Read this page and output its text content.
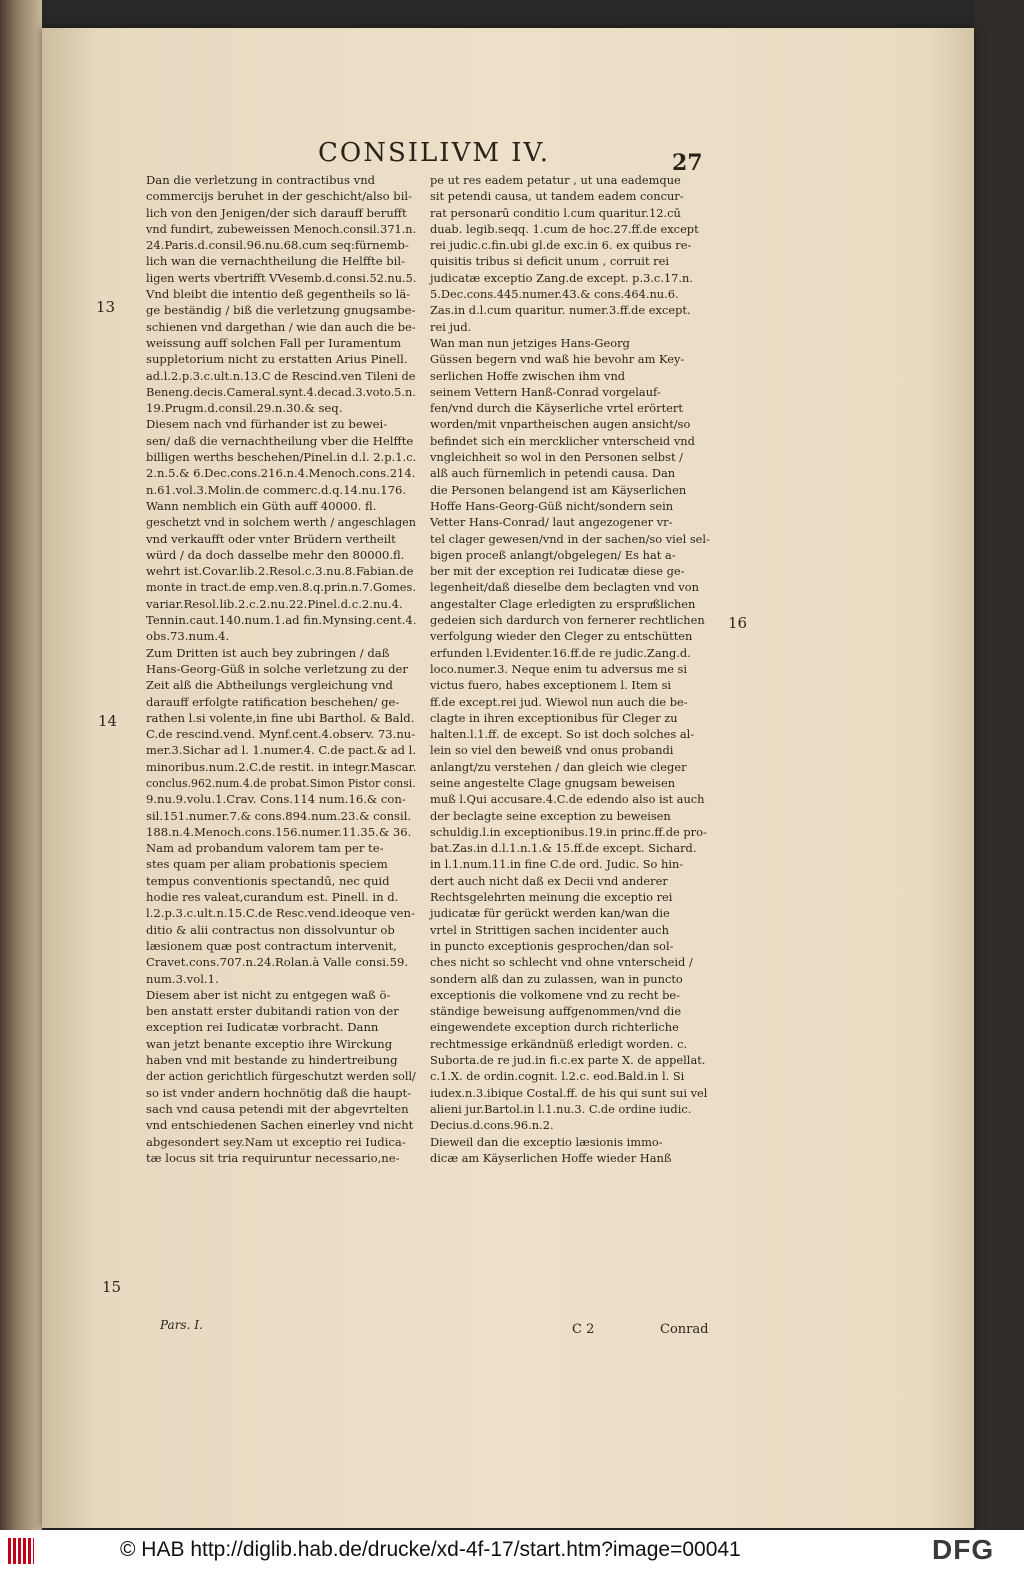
CONSILIVM IV.	27
13
14
15
16
Dan die verletzung in contractibus vnd
commercijs beruhet in der geschicht/also bil-
lich von den Jenigen/der sich darauff berufft
vnd fundirt, zubeweissen Menoch.consil.371.n.
24.Paris.d.consil.96.nu.68.cum seq:fürnemb-
lich wan die vernachtheilung die Helffte bil-
ligen werts vbertrifft VVesemb.d.consi.52.nu.5.
Vnd bleibt die intentio deß gegentheils so lä-
ge beständig / biß die verletzung gnugsambe-
schienen vnd dargethan / wie dan auch die be-
weissung auff solchen Fall per Iuramentum
suppletorium nicht zu erstatten Arius Pinell.
ad.l.2.p.3.c.ult.n.13.C de Rescind.ven Tileni de
Beneng.decis.Cameral.synt.4.decad.3.voto.5.n.
19.Prugm.d.consil.29.n.30.& seq.
Diesem nach vnd fürhander ist zu bewei-
sen/ daß die vernachtheilung vber die Helffte
billigen werths beschehen/Pinel.in d.l. 2.p.1.c.
2.n.5.& 6.Dec.cons.216.n.4.Menoch.cons.214.
n.61.vol.3.Molin.de commerc.d.q.14.nu.176.
Wann nemblich ein Güth auff 40000. fl.
geschetzt vnd in solchem werth / angeschlagen
vnd verkaufft oder vnter Brüdern vertheilt
würd / da doch dasselbe mehr den 80000.fl.
wehrt ist.Covar.lib.2.Resol.c.3.nu.8.Fabian.de
monte in tract.de emp.ven.8.q.prin.n.7.Gomes.
variar.Resol.lib.2.c.2.nu.22.Pinel.d.c.2.nu.4.
Tennin.caut.140.num.1.ad fin.Mynsing.cent.4.
obs.73.num.4.
Zum Dritten ist auch bey zubringen / daß
Hans-Georg-Güß in solche verletzung zu der
Zeit alß die Abtheilungs vergleichung vnd
darauff erfolgte ratification beschehen/ ge-
rathen l.si volente,in fine ubi Barthol. & Bald.
C.de rescind.vend. Mynf.cent.4.observ. 73.nu-
mer.3.Sichar ad l. 1.numer.4. C.de pact.& ad l.
minoribus.num.2.C.de restit. in integr.Mascar.
conclus.962.num.4.de probat.Simon Pistor consi.
9.nu.9.volu.1.Crav. Cons.114 num.16.& con-
sil.151.numer.7.& cons.894.num.23.& consil.
188.n.4.Menoch.cons.156.numer.11.35.& 36.
Nam ad probandum valorem tam per te-
stes quam per aliam probationis speciem
tempus conventionis spectandū, nec quid
hodie res valeat,curandum est. Pinell. in d.
l.2.p.3.c.ult.n.15.C.de Resc.vend.ideoque ven-
ditio & alii contractus non dissolvuntur ob
læsionem quæ post contractum intervenit,
Cravet.cons.707.n.24.Rolan.à Valle consi.59.
num.3.vol.1.
Diesem aber ist nicht zu entgegen waß ö-
ben anstatt erster dubitandi ration von der
exception rei Iudicatæ vorbracht. Dann
wan jetzt benante exceptio ihre Wirckung
haben vnd mit bestande zu hindertreibung
der action gerichtlich fürgeschutzt werden soll/
so ist vnder andern hochnötig daß die haupt-
sach vnd causa petendi mit der abgevrtelten
vnd entschiedenen Sachen einerley vnd nicht
abgesondert sey.Nam ut exceptio rei Iudica-
tæ locus sit tria requiruntur necessario,ne-
Pars. I.
pe ut res eadem petatur , ut una eademque
sit petendi causa, ut tandem eadem concur-
rat personarū conditio l.cum quaritur.12.cū
duab. legib.seqq. 1.cum de hoc.27.ff.de except
rei judic.c.fin.ubi gl.de exc.in 6. ex quibus re-
quisitis tribus si deficit unum , corruit rei
judicatæ exceptio Zang.de except. p.3.c.17.n.
5.Dec.cons.445.numer.43.& cons.464.nu.6.
Zas.in d.l.cum quaritur. numer.3.ff.de except.
rei jud.
Wan man nun jetziges Hans-Georg
Güssen begern vnd waß hie bevohr am Key-
serlichen Hoffe zwischen ihm vnd
seinem Vettern Hanß-Conrad vorgelauf-
fen/vnd durch die Käyserliche vrtel erörtert
worden/mit vnpartheischen augen ansicht/so
befindet sich ein mercklicher vnterscheid vnd
vngleichheit so wol in den Personen selbst /
alß auch fürnemlich in petendi causa. Dan
die Personen belangend ist am Käyserlichen
Hoffe Hans-Georg-Güß nicht/sondern sein
Vetter Hans-Conrad/ laut angezogener vr-
tel clager gewesen/vnd in der sachen/so viel sel-
bigen proceß anlangt/obgelegen/ Es hat a-
ber mit der exception rei Iudicatæ diese ge-
legenheit/daß dieselbe dem beclagten vnd von
angestalter Clage erledigten zu erspruͤßlichen
gedeien sich dardurch von fernerer rechtlichen
verfolgung wieder den Cleger zu entschütten
erfunden l.Evidenter.16.ff.de re judic.Zang.d.
loco.numer.3. Neque enim tu adversus me si
victus fuero, habes exceptionem l. Item si
ff.de except.rei jud. Wiewol nun auch die be-
clagte in ihren exceptionibus für Cleger zu
halten.l.1.ff. de except. So ist doch solches al-
lein so viel den beweiß vnd onus probandi
anlangt/zu verstehen / dan gleich wie cleger
seine angestelte Clage gnugsam beweisen
muß l.Qui accusare.4.C.de edendo also ist auch
der beclagte seine exception zu beweisen
schuldig.l.in exceptionibus.19.in princ.ff.de pro-
bat.Zas.in d.l.1.n.1.& 15.ff.de except. Sichard.
in l.1.num.11.in fine C.de ord. Judic. So hin-
dert auch nicht daß ex Decii vnd anderer
Rechtsgelehrten meinung die exceptio rei
judicatæ für gerückt werden kan/wan die
vrtel in Strittigen sachen incidenter auch
in puncto exceptionis gesprochen/dan sol-
ches nicht so schlecht vnd ohne vnterscheid /
sondern alß dan zu zulassen, wan in puncto
exceptionis die volkomene vnd zu recht be-
ständige beweisung auffgenommen/vnd die
eingewendete exception durch richterliche
rechtmessige erkändnüß erledigt worden. c.
Suborta.de re jud.in fi.c.ex parte X. de appellat.
c.1.X. de ordin.cognit. l.2.c. eod.Bald.in l. Si
iudex.n.3.ibique Costal.ff. de his qui sunt sui vel
alieni jur.Bartol.in l.1.nu.3. C.de ordine iudic.
Decius.d.cons.96.n.2.
Dieweil dan die exceptio læsionis immo-
dicæ am Käyserlichen Hoffe wieder Hanß
C 2	Conrad
© HAB http://diglib.hab.de/drucke/xd-4f-17/start.htm?image=00041	DFG
